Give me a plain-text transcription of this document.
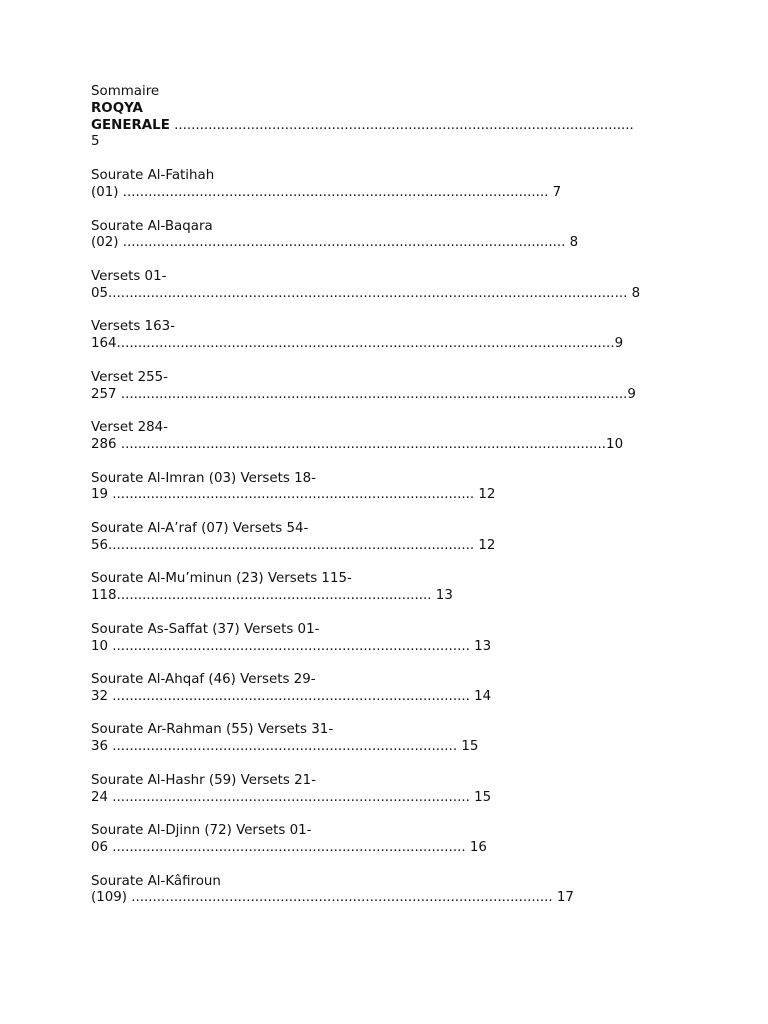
Sommaire
ROQYA
GENERALE ............................................................................................................
5
Sourate Al-Fatihah
(01) .................................................................................................... 7
Sourate Al-Baqara
(02) ........................................................................................................ 8
Versets 01-
05.......................................................................................................................... 8
Versets 163-
164.....................................................................................................................9
Verset 255-
257 .......................................................................................................................9
Verset 284-
286 ..................................................................................................................10
Sourate Al-Imran (03) Versets 18-
19 ..................................................................................... 12
Sourate Al-A’raf (07) Versets 54-
56...................................................................................... 12
Sourate Al-Mu’minun (23) Versets 115-
118.......................................................................... 13
Sourate As-Saffat (37) Versets 01-
10 .................................................................................... 13
Sourate Al-Ahqaf (46) Versets 29-
32 .................................................................................... 14
Sourate Ar-Rahman (55) Versets 31-
36 ................................................................................. 15
Sourate Al-Hashr (59) Versets 21-
24 .................................................................................... 15
Sourate Al-Djinn (72) Versets 01-
06 ................................................................................... 16
Sourate Al-Kâfiroun
(109) ................................................................................................... 17
